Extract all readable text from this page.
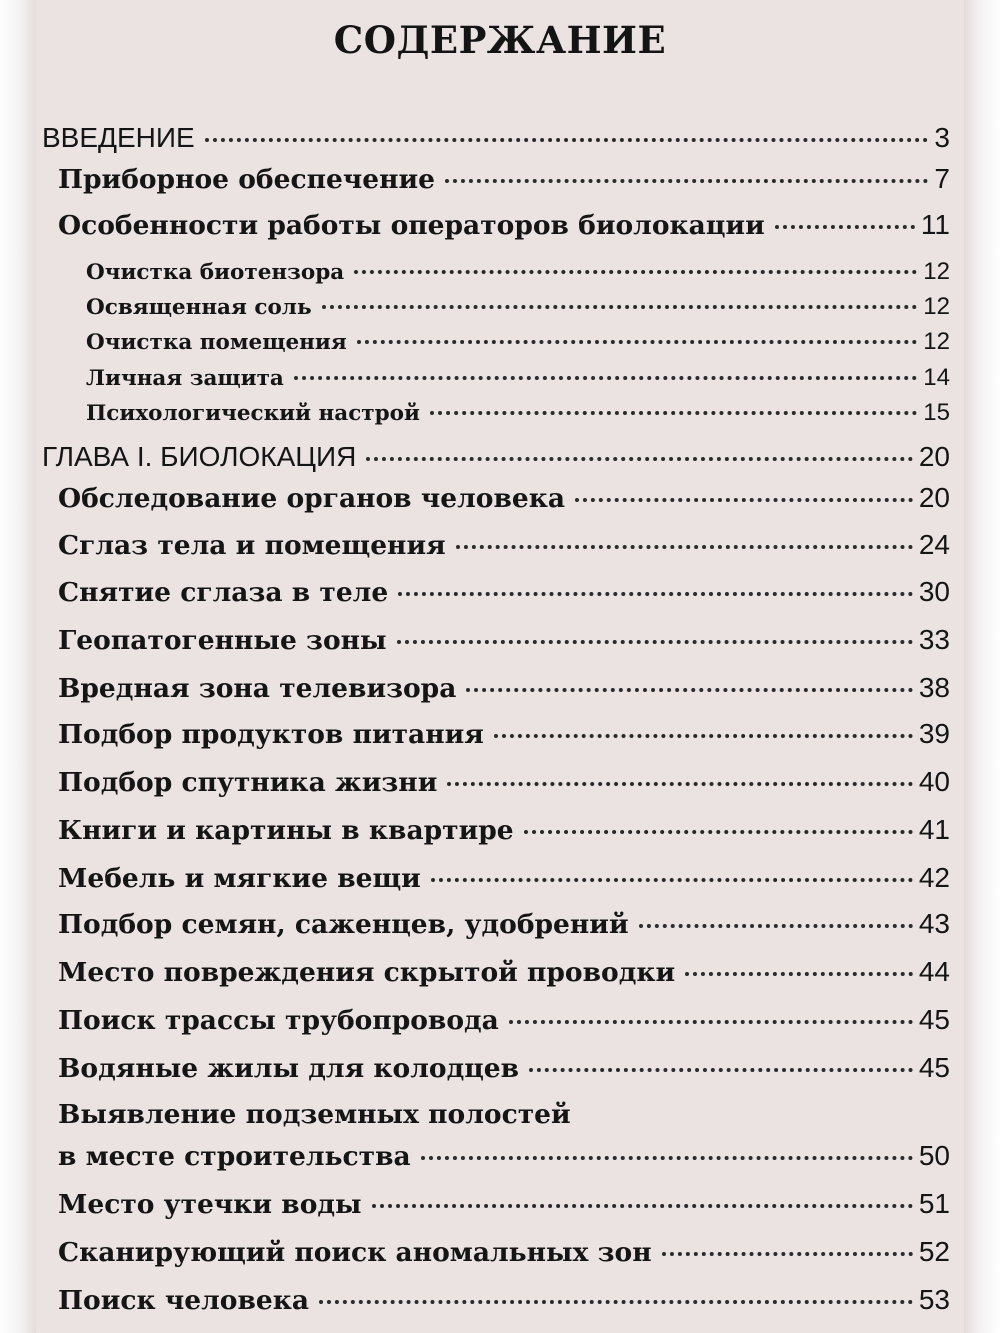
СОДЕРЖАНИЕ
ВВЕДЕНИЕ	3
Приборное обеспечение	7
Особенности работы операторов биолокации	11
Очистка биотензора	12
Освященная соль	12
Очистка помещения	12
Личная защита	14
Психологический настрой	15
ГЛАВА I. БИОЛОКАЦИЯ	20
Обследование органов человека	20
Сглаз тела и помещения	24
Снятие сглаза в теле	30
Геопатогенные зоны	33
Вредная зона телевизора	38
Подбор продуктов питания	39
Подбор спутника жизни	40
Книги и картины в квартире	41
Мебель и мягкие вещи	42
Подбор семян, саженцев, удобрений	43
Место повреждения скрытой проводки	44
Поиск трассы трубопровода	45
Водяные жилы для колодцев	45
Выявление подземных полостей
в месте строительства	50
Место утечки воды	51
Сканирующий поиск аномальных зон	52
Поиск человека	53
